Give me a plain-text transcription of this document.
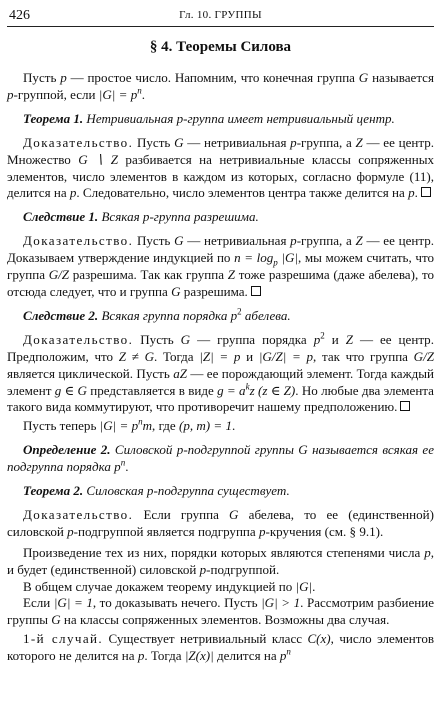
426	Гл. 10. ГРУППЫ
§ 4. Теоремы Силова

Пусть p — простое число. Напомним, что конечная группа G называется p-группой, если $|G| = p^n$.

Теорема 1. Нетривиальная p-группа имеет нетривиальный центр.

Доказательство. Пусть G — нетривиальная p-группа, а Z — ее центр. Множество G ∖ Z разбивается на нетривиальные классы сопряженных элементов, число элементов в каждом из которых, согласно формуле (11), делится на p. Следовательно, число элементов центра также делится на p.

Следствие 1. Всякая p-группа разрешима.

Доказательство. Пусть G — нетривиальная p-группа, а Z — ее центр. Доказываем утверждение индукцией по $n = \log_p |G|$, мы можем считать, что группа G/Z разрешима. Так как группа Z тоже разрешима (даже абелева), то отсюда следует, что и группа G разрешима.

Следствие 2. Всякая группа порядка $p^2$ абелева.

Доказательство. Пусть G — группа порядка $p^2$ и Z — ее центр. Предположим, что Z ≠ G. Тогда |Z| = p и |G/Z| = p, так что группа G/Z является циклической. Пусть aZ — ее порождающий элемент. Тогда каждый элемент g ∈ G представляется в виде $g = a^kz$ (z ∈ Z). Но любые два элемента такого вида коммутируют, что противоречит нашему предположению.

Пусть теперь $|G| = p^nm$, где (p, m) = 1.

Определение 2. Силовской p-подгруппой группы G называется всякая ее подгруппа порядка $p^n$.

Теорема 2. Силовская p-подгруппа существует.

Доказательство. Если группа G абелева, то ее (единственной) силовской p-подгруппой является подгруппа p-кручения (см. § 9.1).

Произведение тех из них, порядки которых являются степенями числа p, и будет (единственной) силовской p-подгруппой.

В общем случае докажем теорему индукцией по |G|.

Если |G| = 1, то доказывать нечего. Пусть |G| > 1. Рассмотрим разбиение группы G на классы сопряженных элементов. Возможны два случая.

1-й случай. Существует нетривиальный класс C(x), число элементов которого не делится на p. Тогда |Z(x)| делится на $p^n$
